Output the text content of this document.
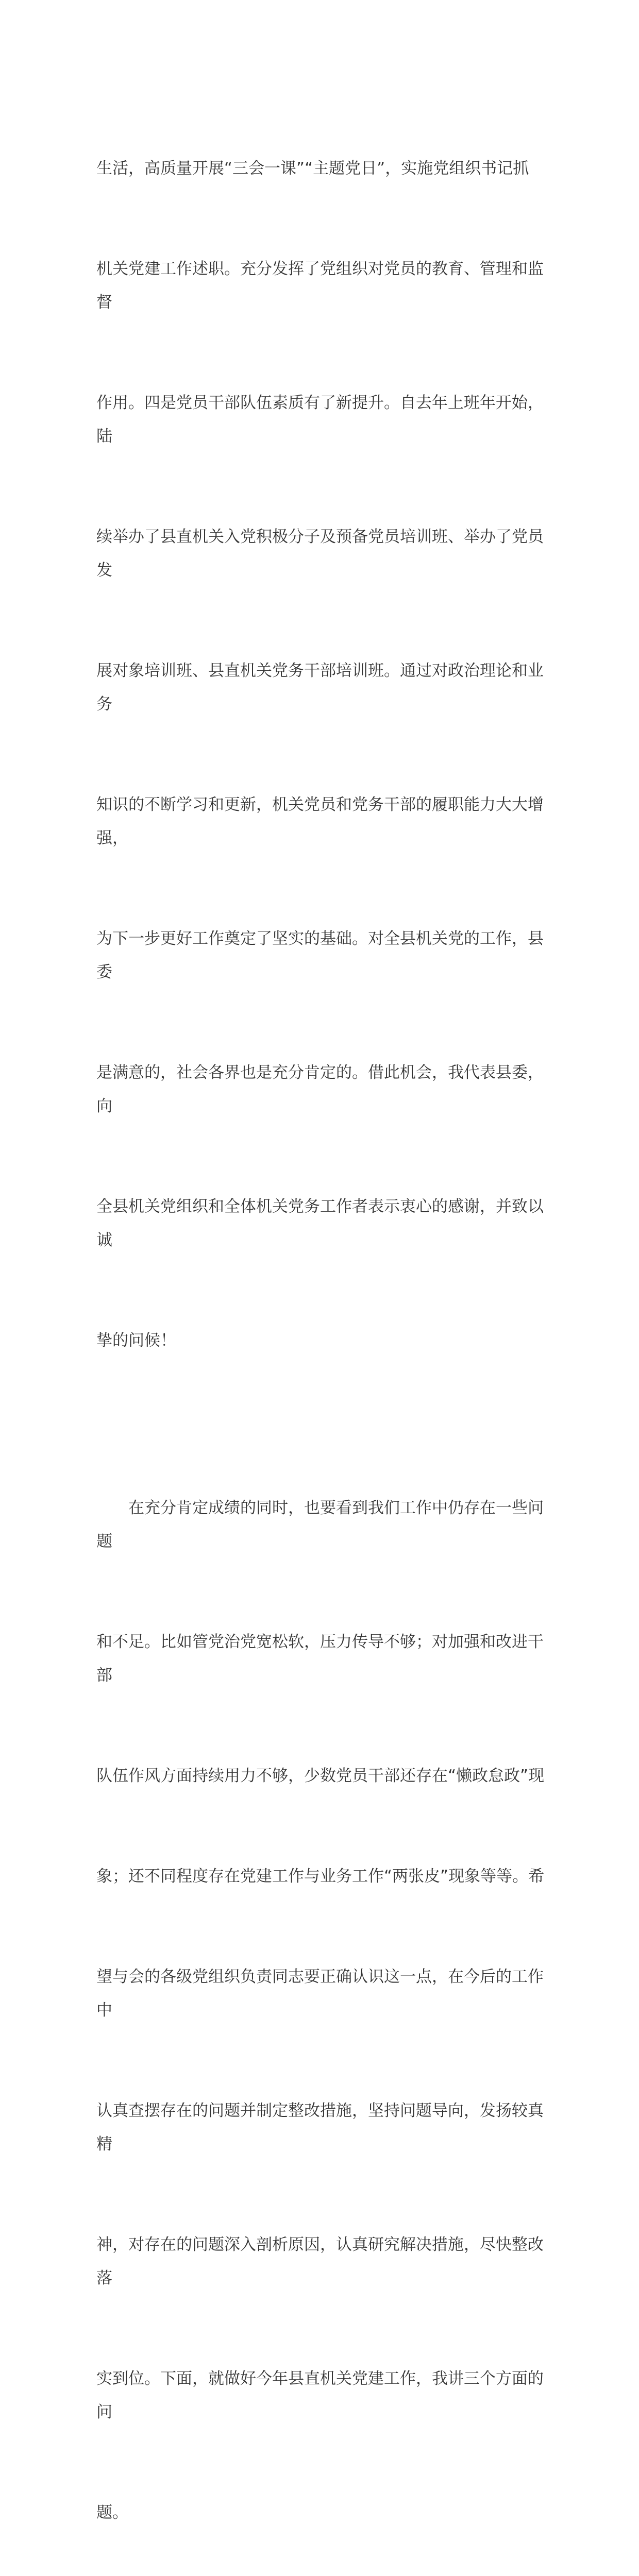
生活，高质量开展“三会一课”“主题党日”，实施党组织书记抓

机关党建工作述职。充分发挥了党组织对党员的教育、管理和监督

作用。四是党员干部队伍素质有了新提升。自去年上班年开始，陆

续举办了县直机关入党积极分子及预备党员培训班、举办了党员发

展对象培训班、县直机关党务干部培训班。通过对政治理论和业务

知识的不断学习和更新，机关党员和党务干部的履职能力大大增强，

为下一步更好工作奠定了坚实的基础。对全县机关党的工作，县委

是满意的，社会各界也是充分肯定的。借此机会，我代表县委，向

全县机关党组织和全体机关党务工作者表示衷心的感谢，并致以诚

挚的问候！

　　在充分肯定成绩的同时，也要看到我们工作中仍存在一些问题

和不足。比如管党治党宽松软，压力传导不够；对加强和改进干部

队伍作风方面持续用力不够，少数党员干部还存在“懒政怠政”现

象；还不同程度存在党建工作与业务工作“两张皮”现象等等。希

望与会的各级党组织负责同志要正确认识这一点，在今后的工作中

认真查摆存在的问题并制定整改措施，坚持问题导向，发扬较真精

神，对存在的问题深入剖析原因，认真研究解决措施，尽快整改落

实到位。下面，就做好今年县直机关党建工作，我讲三个方面的问

题。
